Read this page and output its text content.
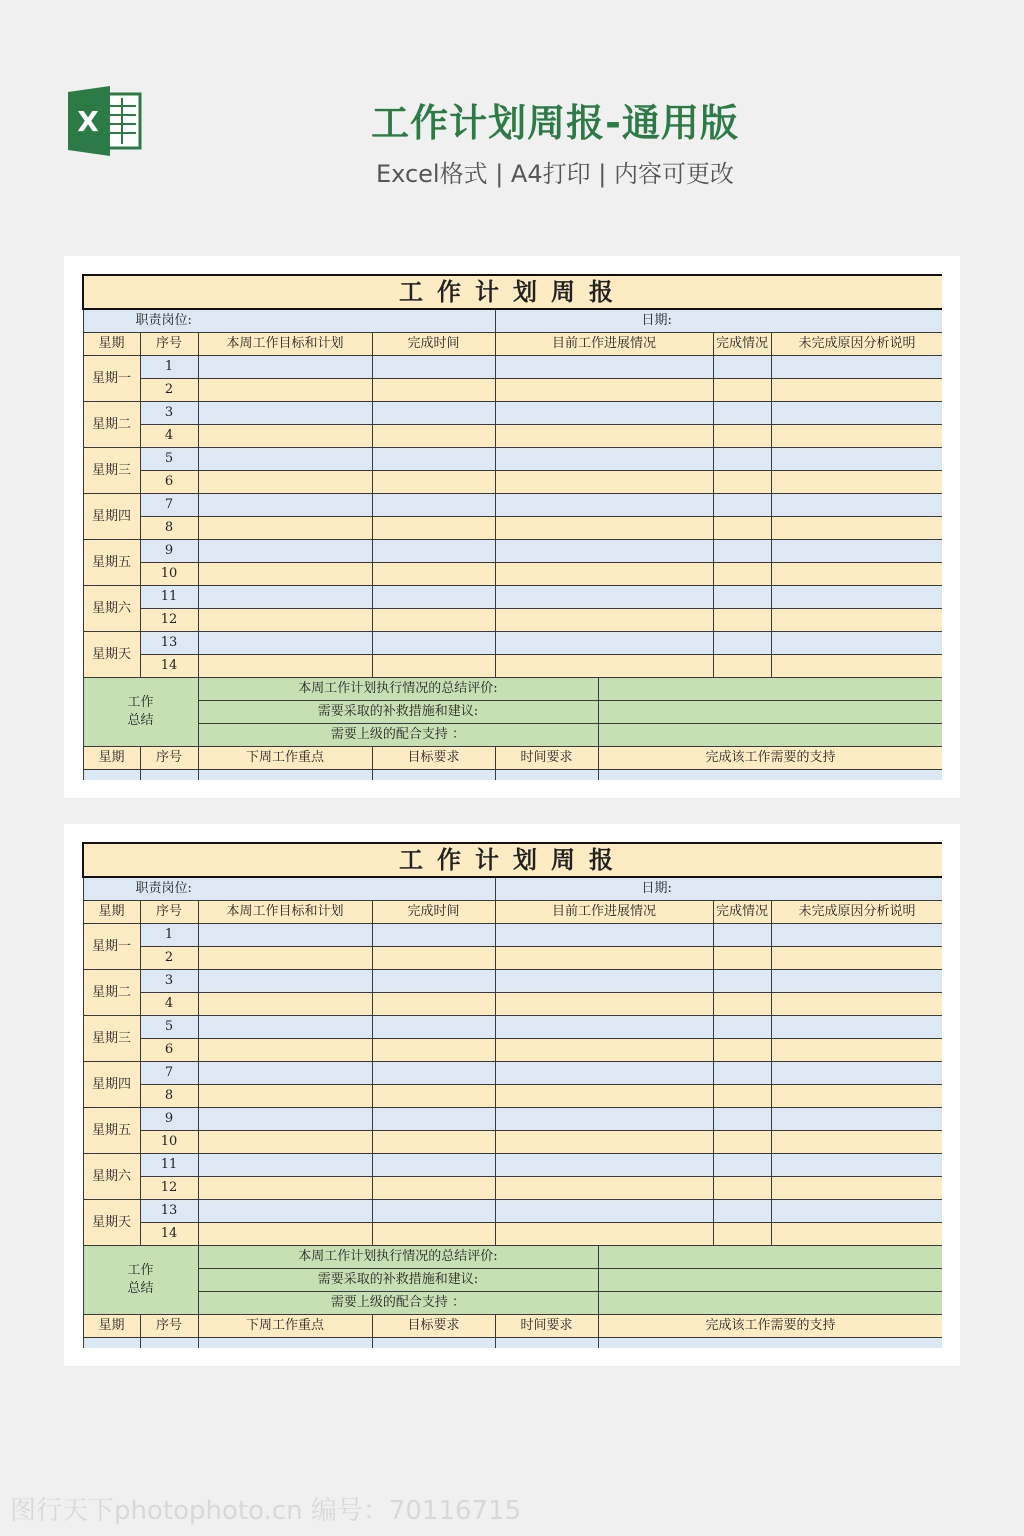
X	工作计划周报-通用版
Excel格式 | A4打印 | 内容可更改
工作计划周报							
职责岗位:				日期:			
星期	序号	本周工作目标和计划	完成时间	目前工作进展情况		完成情况	未完成原因分析说明
星期一	1						
	2						
星期二	3						
	4						
星期三	5						
	6						
星期四	7						
	8						
星期五	9						
	10						
星期六	11						
	12						
星期天	13						
	14						

工作
总结		本周工作计划执行情况的总结评价:					
		需要采取的补救措施和建议:					
		需要上级的配合支持 ：					
星期	序号	下周工作重点	目标要求	时间要求	完成该工作需要的支持		

工作计划周报							
职责岗位:				日期:			
星期	序号	本周工作目标和计划	完成时间	目前工作进展情况		完成情况	未完成原因分析说明
星期一	1						
	2						
星期二	3						
	4						
星期三	5						
	6						
星期四	7						
	8						
星期五	9						
	10						
星期六	11						
	12						
星期天	13						
	14						

工作
总结		本周工作计划执行情况的总结评价:					
		需要采取的补救措施和建议:					
		需要上级的配合支持 ：					
星期	序号	下周工作重点	目标要求	时间要求	完成该工作需要的支持		

图行天下photophoto.cn 编号：70116715
